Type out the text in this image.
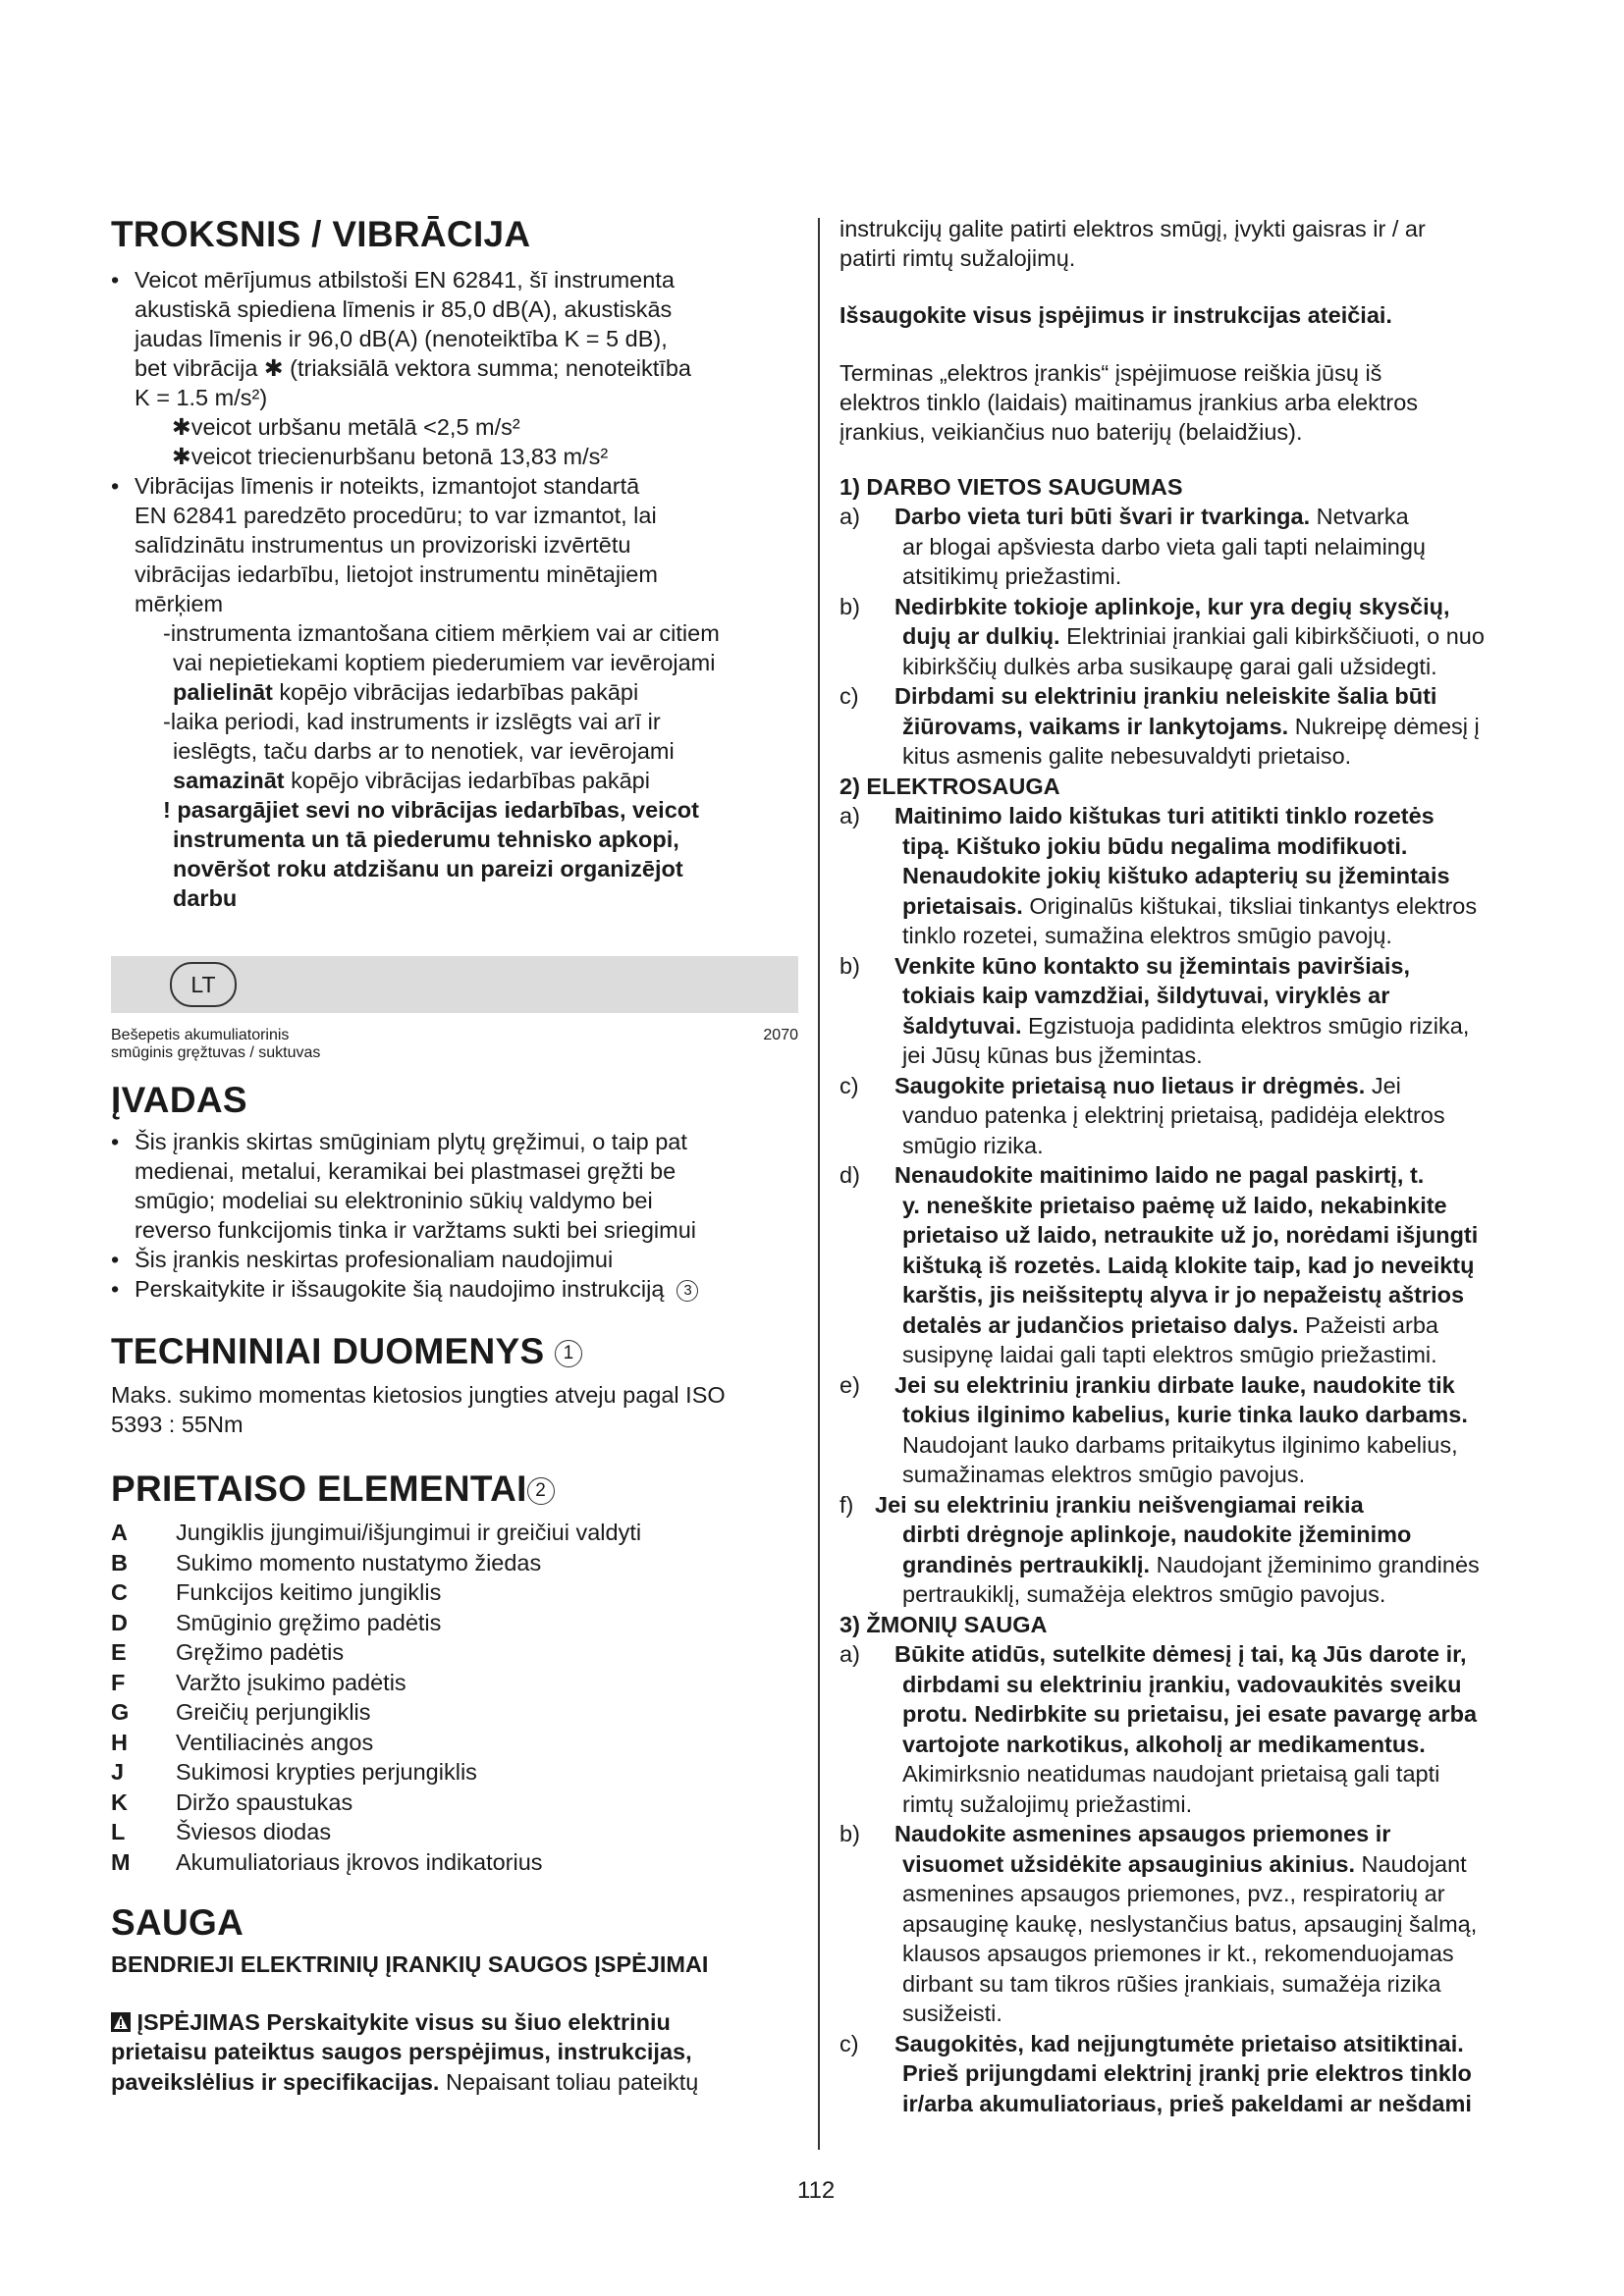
TROKSNIS / VIBRĀCIJA
• Veicot mērījumus atbilstoši EN 62841, šī instrumenta
akustiskā spiediena līmenis ir 85,0 dB(A), akustiskās
jaudas līmenis ir 96,0 dB(A) (nenoteiktība K = 5 dB),
bet vibrācija ✱ (triaksiālā vektora summa; nenoteiktība
K = 1.5 m/s²)
✱veicot urbšanu metālā <2,5 m/s²
✱veicot triecienurbšanu betonā 13,83 m/s²
• Vibrācijas līmenis ir noteikts, izmantojot standartā
EN 62841 paredzēto procedūru; to var izmantot, lai
salīdzinātu instrumentus un provizoriski izvērtētu
vibrācijas iedarbību, lietojot instrumentu minētajiem
mērķiem
-instrumenta izmantošana citiem mērķiem vai ar citiem
vai nepietiekami koptiem piederumiem var ievērojami
palielināt kopējo vibrācijas iedarbības pakāpi
-laika periodi, kad instruments ir izslēgts vai arī ir
ieslēgts, taču darbs ar to nenotiek, var ievērojami
samazināt kopējo vibrācijas iedarbības pakāpi
! pasargājiet sevi no vibrācijas iedarbības, veicot
instrumenta un tā piederumu tehnisko apkopi,
novēršot roku atdzišanu un pareizi organizējot
darbu
LT
Bešepetis akumuliatorinis	2070
smūginis gręžtuvas / suktuvas
ĮVADAS
• Šis įrankis skirtas smūginiam plytų gręžimui, o taip pat
medienai, metalui, keramikai bei plastmasei gręžti be
smūgio; modeliai su elektroninio sūkių valdymo bei
reverso funkcijomis tinka ir varžtams sukti bei sriegimui
• Šis įrankis neskirtas profesionaliam naudojimui
• Perskaitykite ir išsaugokite šią naudojimo instrukciją 3
TECHNINIAI DUOMENYS 1
Maks. sukimo momentas kietosios jungties atveju pagal ISO
5393 : 55Nm
PRIETAISO ELEMENTAI 2
A	Jungiklis įjungimui/išjungimui ir greičiui valdyti
B	Sukimo momento nustatymo žiedas
C	Funkcijos keitimo jungiklis
D	Smūginio gręžimo padėtis
E	Gręžimo padėtis
F	Varžto įsukimo padėtis
G	Greičių perjungiklis
H	Ventiliacinės angos
J	Sukimosi krypties perjungiklis
K	Diržo spaustukas
L	Šviesos diodas
M	Akumuliatoriaus įkrovos indikatorius
SAUGA
BENDRIEJI ELEKTRINIŲ ĮRANKIŲ SAUGOS ĮSPĖJIMAI
ĮSPĖJIMAS Perskaitykite visus su šiuo elektriniu
prietaisu pateiktus saugos perspėjimus, instrukcijas,
paveikslėlius ir specifikacijas. Nepaisant toliau pateiktų
instrukcijų galite patirti elektros smūgį, įvykti gaisras ir / ar
patirti rimtų sužalojimų.
Išsaugokite visus įspėjimus ir instrukcijas ateičiai.
Terminas „elektros įrankis“ įspėjimuose reiškia jūsų iš
elektros tinklo (laidais) maitinamus įrankius arba elektros
įrankius, veikiančius nuo baterijų (belaidžius).
1) DARBO VIETOS SAUGUMAS
a) Darbo vieta turi būti švari ir tvarkinga. Netvarka
ar blogai apšviesta darbo vieta gali tapti nelaimingų
atsitikimų priežastimi.
b) Nedirbkite tokioje aplinkoje, kur yra degių skysčių,
dujų ar dulkių. Elektriniai įrankiai gali kibirkščiuoti, o nuo
kibirkščių dulkės arba susikaupę garai gali užsidegti.
c) Dirbdami su elektriniu įrankiu neleiskite šalia būti
žiūrovams, vaikams ir lankytojams. Nukreipę dėmesį į
kitus asmenis galite nebesuvaldyti prietaiso.
2) ELEKTROSAUGA
a) Maitinimo laido kištukas turi atitikti tinklo rozetės
tipą. Kištuko jokiu būdu negalima modifikuoti.
Nenaudokite jokių kištuko adapterių su įžemintais
prietaisais. Originalūs kištukai, tiksliai tinkantys elektros
tinklo rozetei, sumažina elektros smūgio pavojų.
b) Venkite kūno kontakto su įžemintais paviršiais,
tokiais kaip vamzdžiai, šildytuvai, viryklės ar
šaldytuvai. Egzistuoja padidinta elektros smūgio rizika,
jei Jūsų kūnas bus įžemintas.
c) Saugokite prietaisą nuo lietaus ir drėgmės. Jei
vanduo patenka į elektrinį prietaisą, padidėja elektros
smūgio rizika.
d) Nenaudokite maitinimo laido ne pagal paskirtį, t.
y. neneškite prietaiso paėmę už laido, nekabinkite
prietaiso už laido, netraukite už jo, norėdami išjungti
kištuką iš rozetės. Laidą klokite taip, kad jo neveiktų
karštis, jis neišsiteptų alyva ir jo nepažeistų aštrios
detalės ar judančios prietaiso dalys. Pažeisti arba
susipynę laidai gali tapti elektros smūgio priežastimi.
e) Jei su elektriniu įrankiu dirbate lauke, naudokite tik
tokius ilginimo kabelius, kurie tinka lauko darbams.
Naudojant lauko darbams pritaikytus ilginimo kabelius,
sumažinamas elektros smūgio pavojus.
f) Jei su elektriniu įrankiu neišvengiamai reikia
dirbti drėgnoje aplinkoje, naudokite įžeminimo
grandinės pertraukiklį. Naudojant įžeminimo grandinės
pertraukiklį, sumažėja elektros smūgio pavojus.
3) ŽMONIŲ SAUGA
a) Būkite atidūs, sutelkite dėmesį į tai, ką Jūs darote ir,
dirbdami su elektriniu įrankiu, vadovaukitės sveiku
protu. Nedirbkite su prietaisu, jei esate pavargę arba
vartojote narkotikus, alkoholį ar medikamentus.
Akimirksnio neatidumas naudojant prietaisą gali tapti
rimtų sužalojimų priežastimi.
b) Naudokite asmenines apsaugos priemones ir
visuomet užsidėkite apsauginius akinius. Naudojant
asmenines apsaugos priemones, pvz., respiratorių ar
apsauginę kaukę, neslystančius batus, apsauginį šalmą,
klausos apsaugos priemones ir kt., rekomenduojamas
dirbant su tam tikros rūšies įrankiais, sumažėja rizika
susižeisti.
c) Saugokitės, kad neįjungtumėte prietaiso atsitiktinai.
Prieš prijungdami elektrinį įrankį prie elektros tinklo
ir/arba akumuliatoriaus, prieš pakeldami ar nešdami
112
